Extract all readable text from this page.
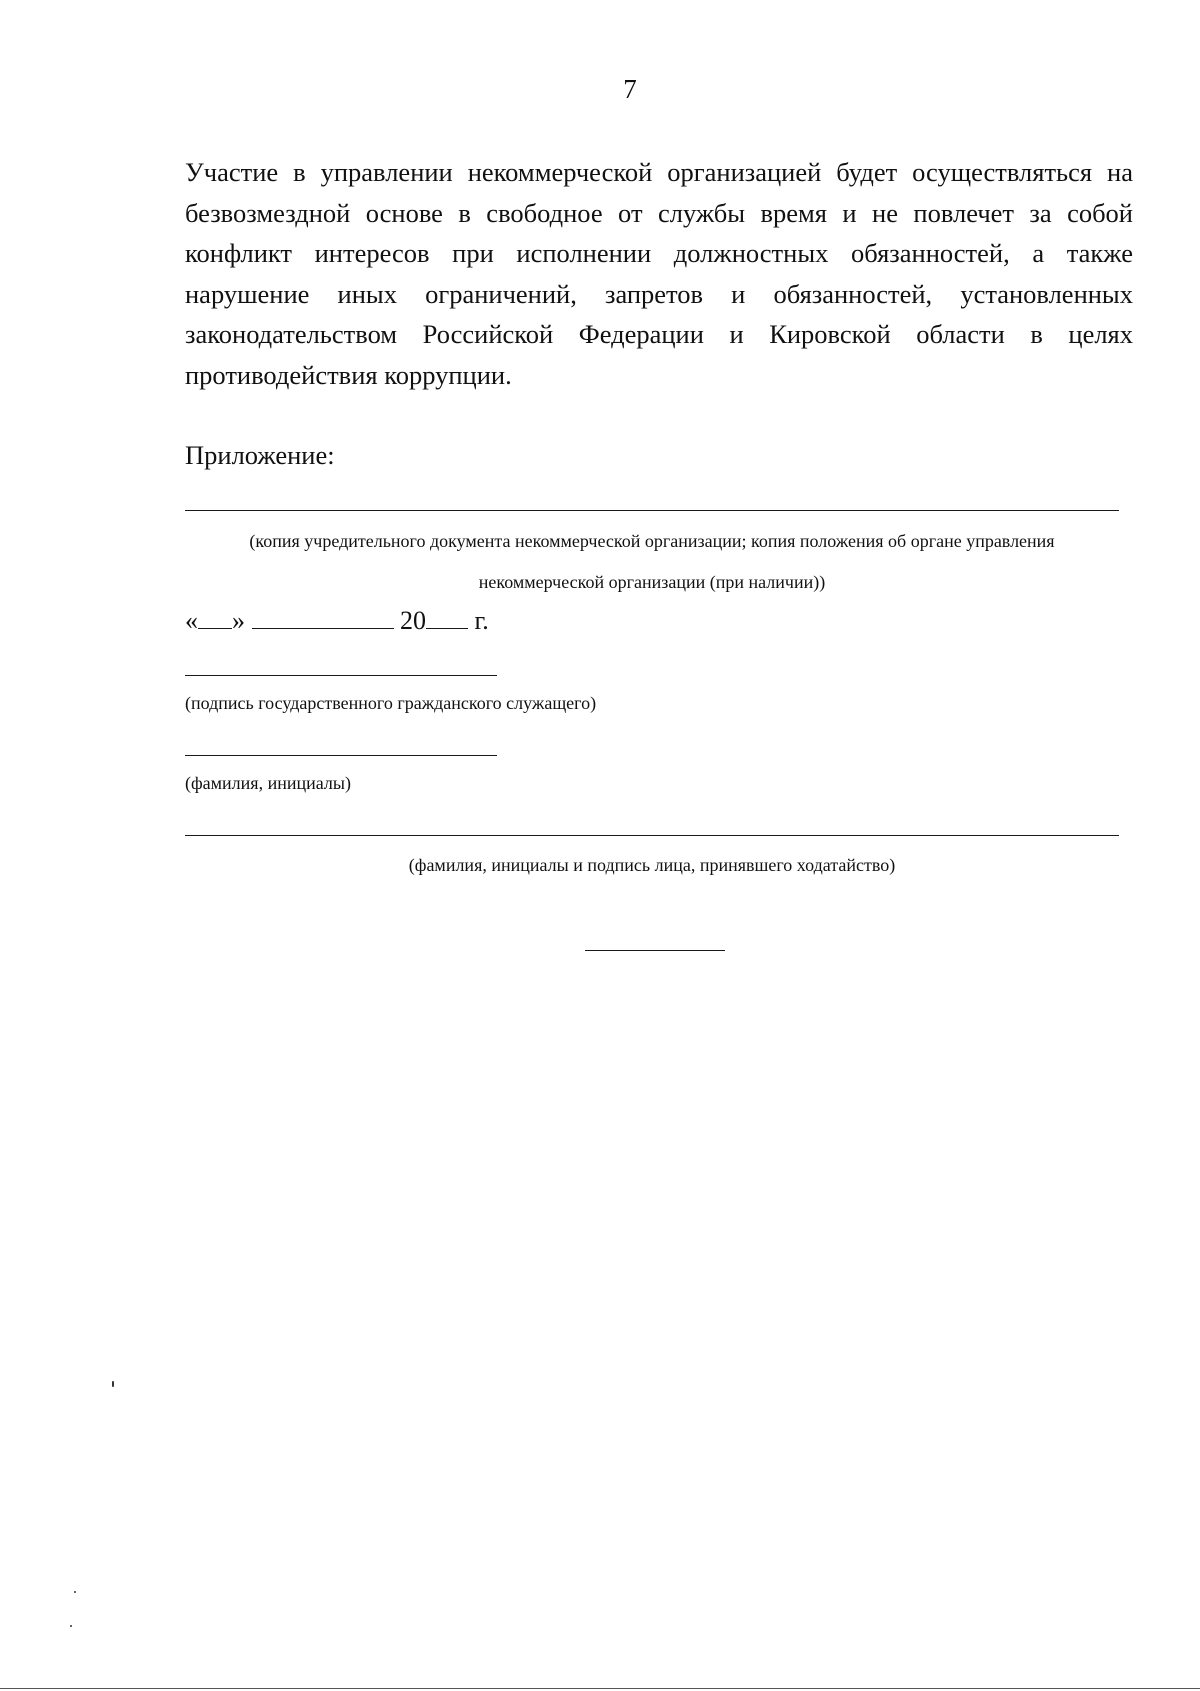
7

Участие в управлении некоммерческой организацией будет осуществляться на безвозмездной основе в свободное от службы время и не повлечет за собой конфликт интересов при исполнении должностных обязанностей, а также нарушение иных ограничений, запретов и обязанностей, установленных законодательством Российской Федерации и Кировской области в целях противодействия коррупции.

Приложение:
(копия учредительного документа некоммерческой организации; копия положения об органе управления
некоммерческой организации (при наличии))
« »	20 г.
(подпись государственного гражданского служащего)
(фамилия, инициалы)
(фамилия, инициалы и подпись лица, принявшего ходатайство)
